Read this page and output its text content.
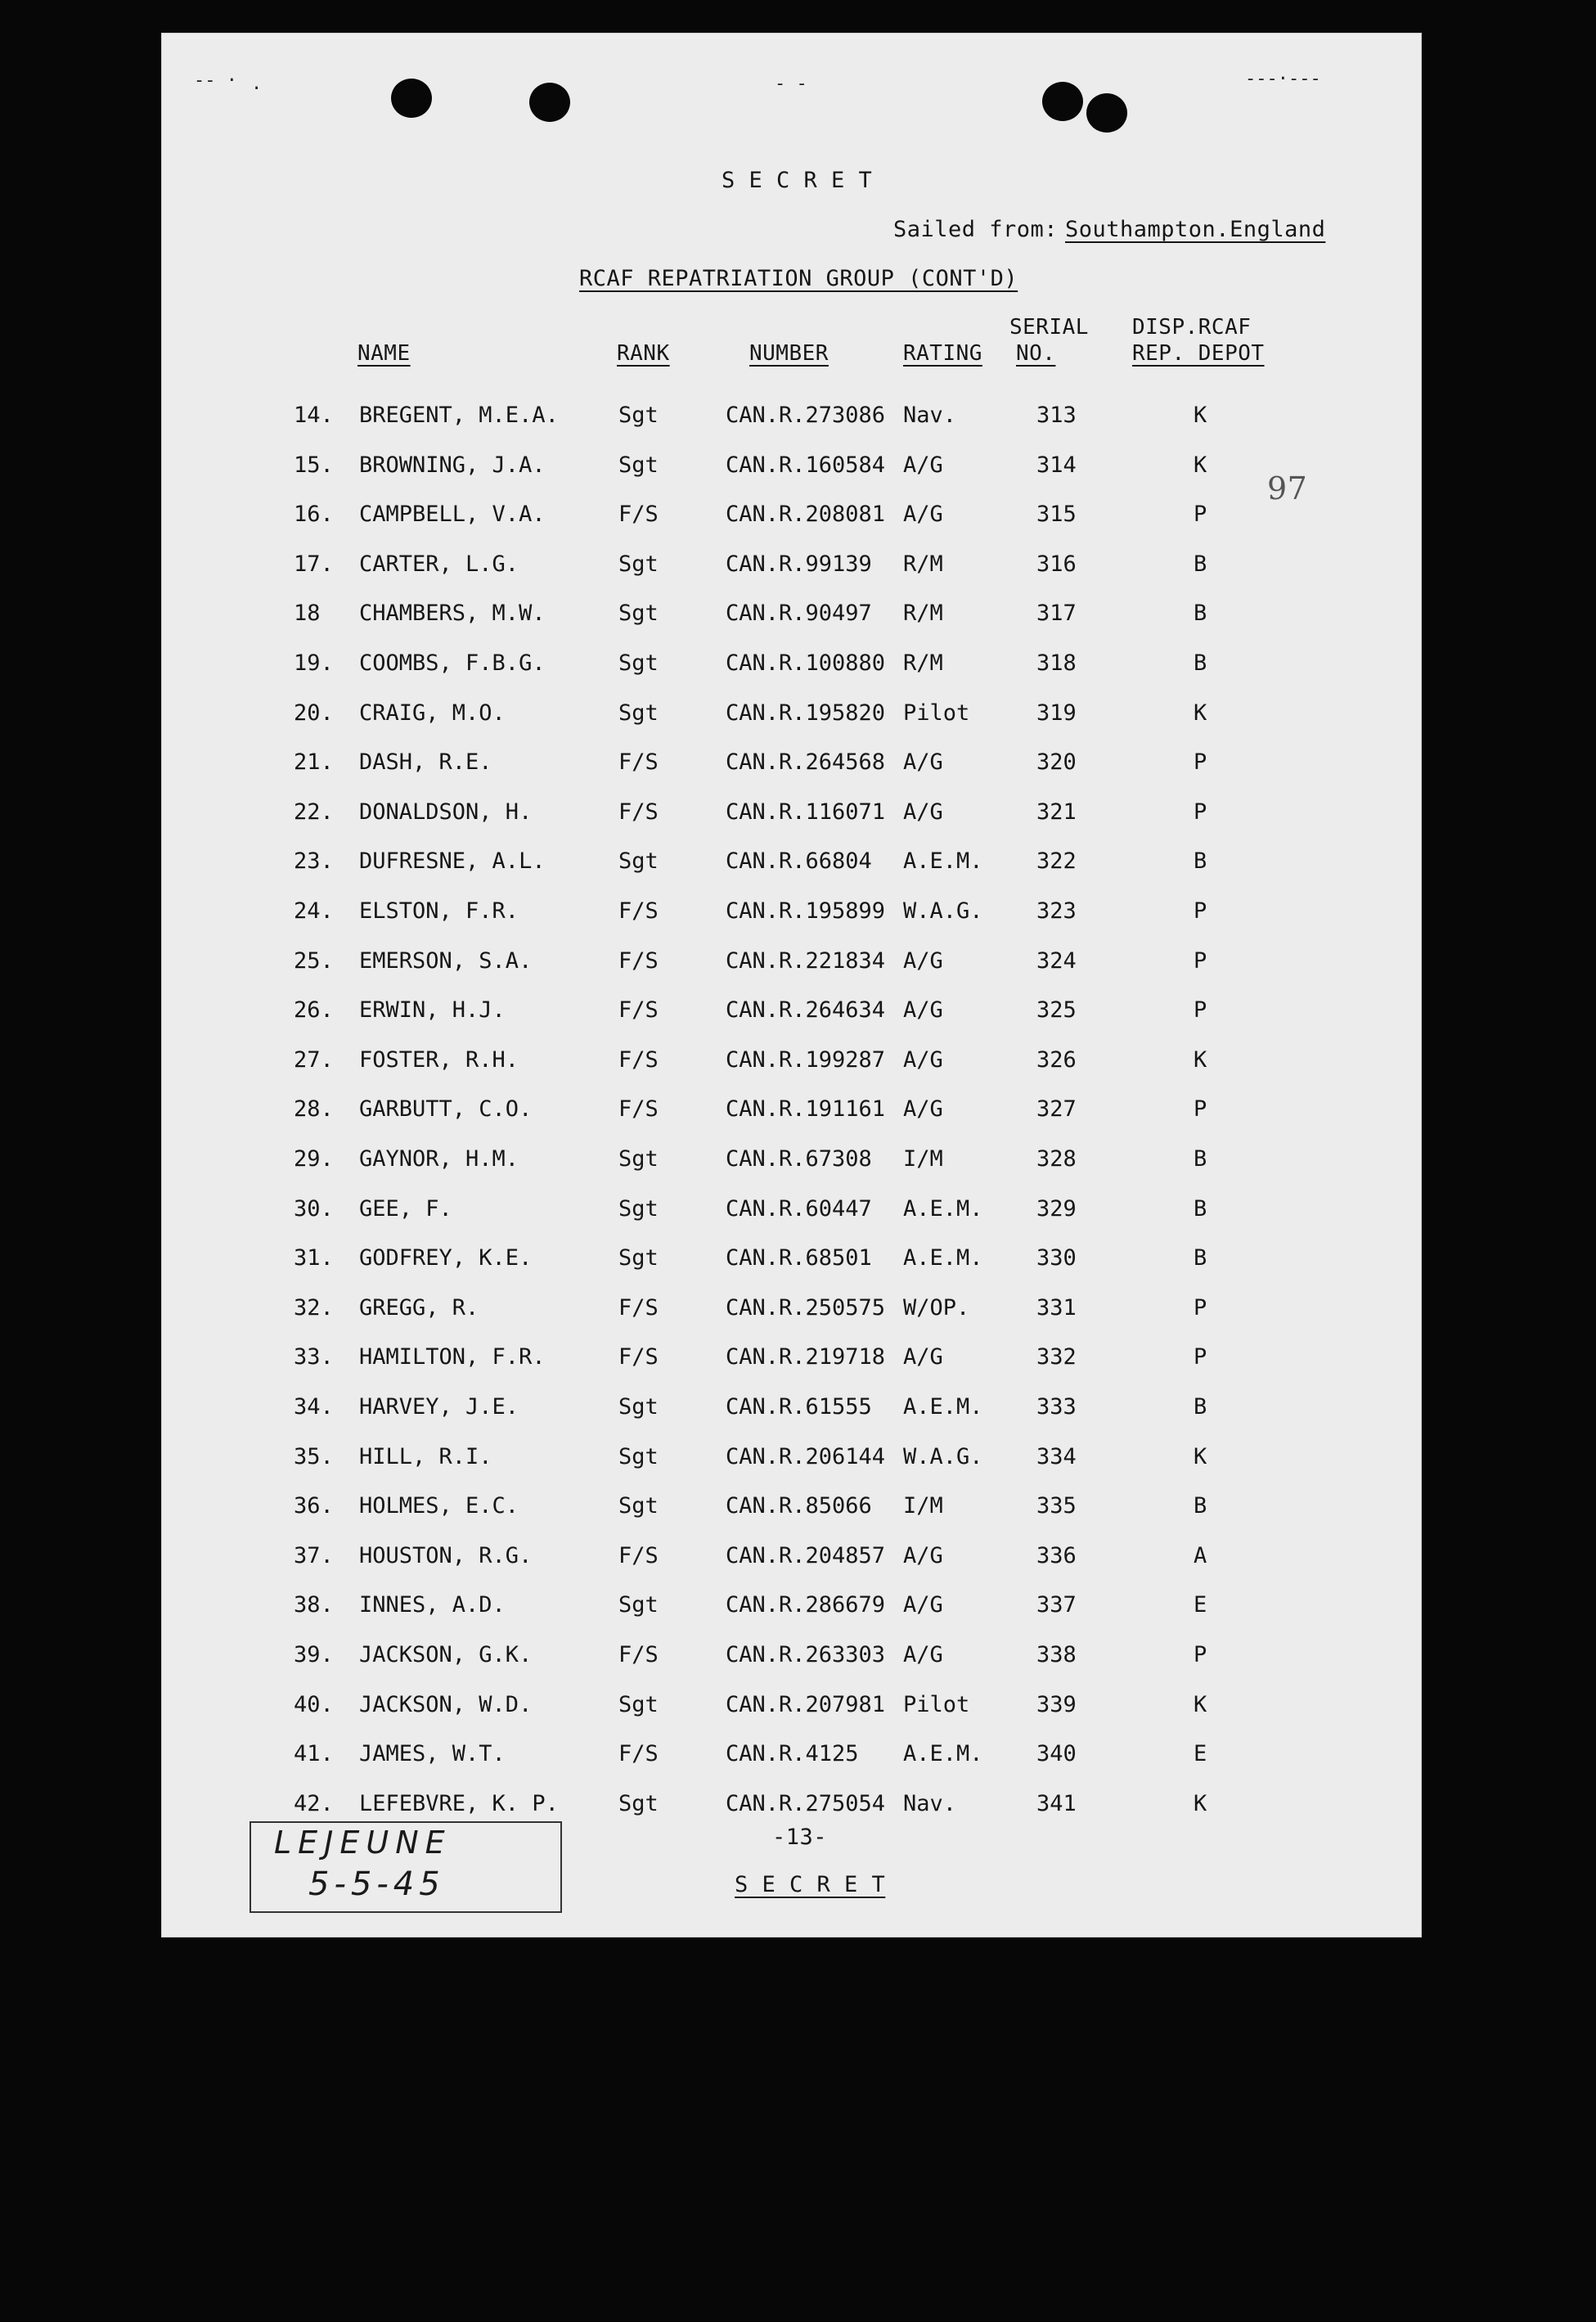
-- · ·	- -	---·---
S E C R E T
Sailed from: Southampton.England
RCAF REPATRIATION GROUP (CONT'D)
SERIAL DISP.RCAF
NAME	RANK	NUMBER	RATING NO.	REP. DEPOT
14. BREGENT, M.E.A.	Sgt	CAN.R.273086 Nav.	313	K
15. BROWNING, J.A.	Sgt	CAN.R.160584 A/G	314	K
16. CAMPBELL, V.A.	F/S	CAN.R.208081 A/G	315	P
17. CARTER, L.G.	Sgt	CAN.R.99139 R/M	316	B
18 CHAMBERS, M.W.	Sgt	CAN.R.90497 R/M	317	B
19. COOMBS, F.B.G.	Sgt	CAN.R.100880 R/M	318	B
20. CRAIG, M.O.	Sgt	CAN.R.195820 Pilot	319	K
21. DASH, R.E.	F/S	CAN.R.264568 A/G	320	P
22. DONALDSON, H.	F/S	CAN.R.116071 A/G	321	P
23. DUFRESNE, A.L.	Sgt	CAN.R.66804 A.E.M. 322	B
24. ELSTON, F.R.	F/S	CAN.R.195899 W.A.G. 323	P
25. EMERSON, S.A.	F/S	CAN.R.221834 A/G	324	P
26. ERWIN, H.J.	F/S	CAN.R.264634 A/G	325	P
27. FOSTER, R.H.	F/S	CAN.R.199287 A/G	326	K
28. GARBUTT, C.O.	F/S	CAN.R.191161 A/G	327	P
29. GAYNOR, H.M.	Sgt	CAN.R.67308 I/M	328	B
30. GEE, F.	Sgt	CAN.R.60447 A.E.M. 329	B
31. GODFREY, K.E.	Sgt	CAN.R.68501 A.E.M. 330	B
32. GREGG, R.	F/S	CAN.R.250575 W/OP.	331	P
33. HAMILTON, F.R.	F/S	CAN.R.219718 A/G	332	P
34. HARVEY, J.E.	Sgt	CAN.R.61555 A.E.M. 333	B
35. HILL, R.I.	Sgt	CAN.R.206144 W.A.G. 334	K
36. HOLMES, E.C.	Sgt	CAN.R.85066 I/M	335	B
37. HOUSTON, R.G.	F/S	CAN.R.204857 A/G	336	A
38. INNES, A.D.	Sgt	CAN.R.286679 A/G	337	E
39. JACKSON, G.K.	F/S	CAN.R.263303 A/G	338	P
40. JACKSON, W.D.	Sgt	CAN.R.207981 Pilot	339	K
41. JAMES, W.T.	F/S	CAN.R.4125 A.E.M. 340	E
42. LEFEBVRE, K. P.	Sgt	CAN.R.275054 Nav.	341	K
97
-13-
S E C R E T
LEJEUNE
5-5-45
